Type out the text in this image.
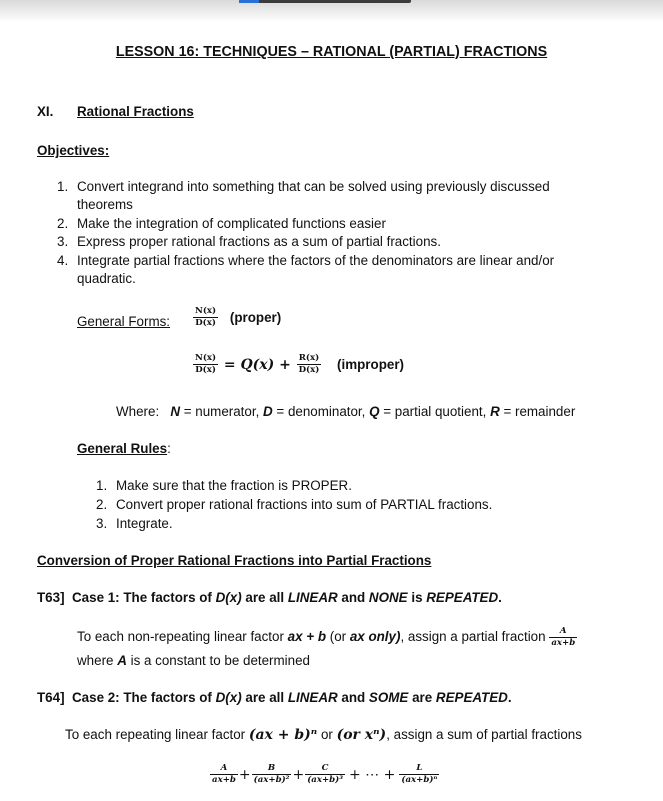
LESSON 16: TECHNIQUES – RATIONAL (PARTIAL) FRACTIONS
XI. Rational Fractions
Objectives:
1. Convert integrand into something that can be solved using previously discussed
theorems
2. Make the integration of complicated functions easier
3. Express proper rational fractions as a sum of partial fractions.
4. Integrate partial fractions where the factors of the denominators are linear and/or
quadratic.
General Forms:	$\frac{N(x)}{D(x)}$ (proper)
$\frac{N(x)}{D(x)} = Q(x) + \frac{R(x)}{D(x)}$ (improper)
Where: N = numerator, D = denominator, Q = partial quotient, R = remainder
General Rules:
1. Make sure that the fraction is PROPER.
2. Convert proper rational fractions into sum of PARTIAL fractions.
3. Integrate.
Conversion of Proper Rational Fractions into Partial Fractions
T63] Case 1: The factors of D(x) are all LINEAR and NONE is REPEATED.
To each non-repeating linear factor ax + b (or ax only), assign a partial fraction $\frac{A}{ax+b}$
where A is a constant to be determined
T64] Case 2: The factors of D(x) are all LINEAR and SOME are REPEATED.
To each repeating linear factor (ax + b)ⁿ or (or xⁿ), assign a sum of partial fractions
$\frac{A}{ax+b} + \frac{B}{\text{(ax+b)²}} + \frac{C}{\text{(ax+b)³}}$ + ⋯ + $\frac{L}{\text{(ax+b)ⁿ}}$
